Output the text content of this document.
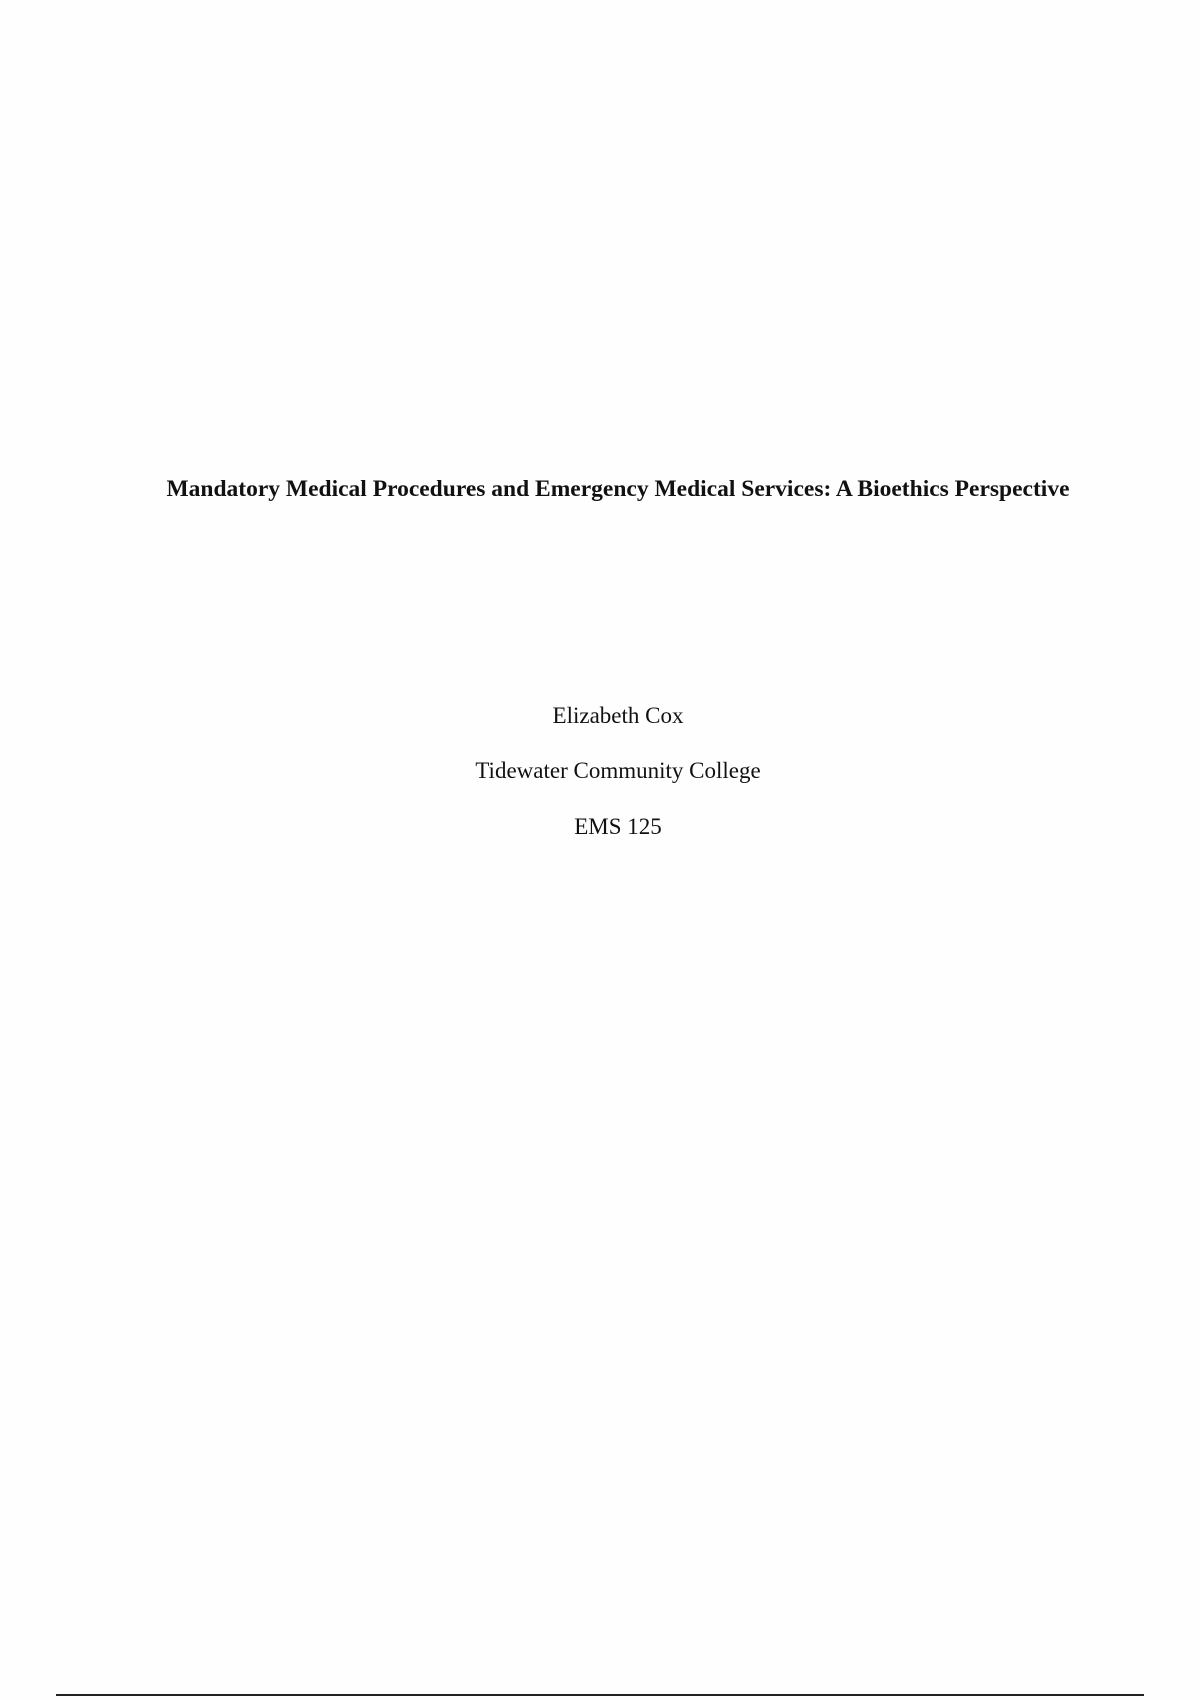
Mandatory Medical Procedures and Emergency Medical Services: A Bioethics Perspective
Elizabeth Cox
Tidewater Community College
EMS 125
